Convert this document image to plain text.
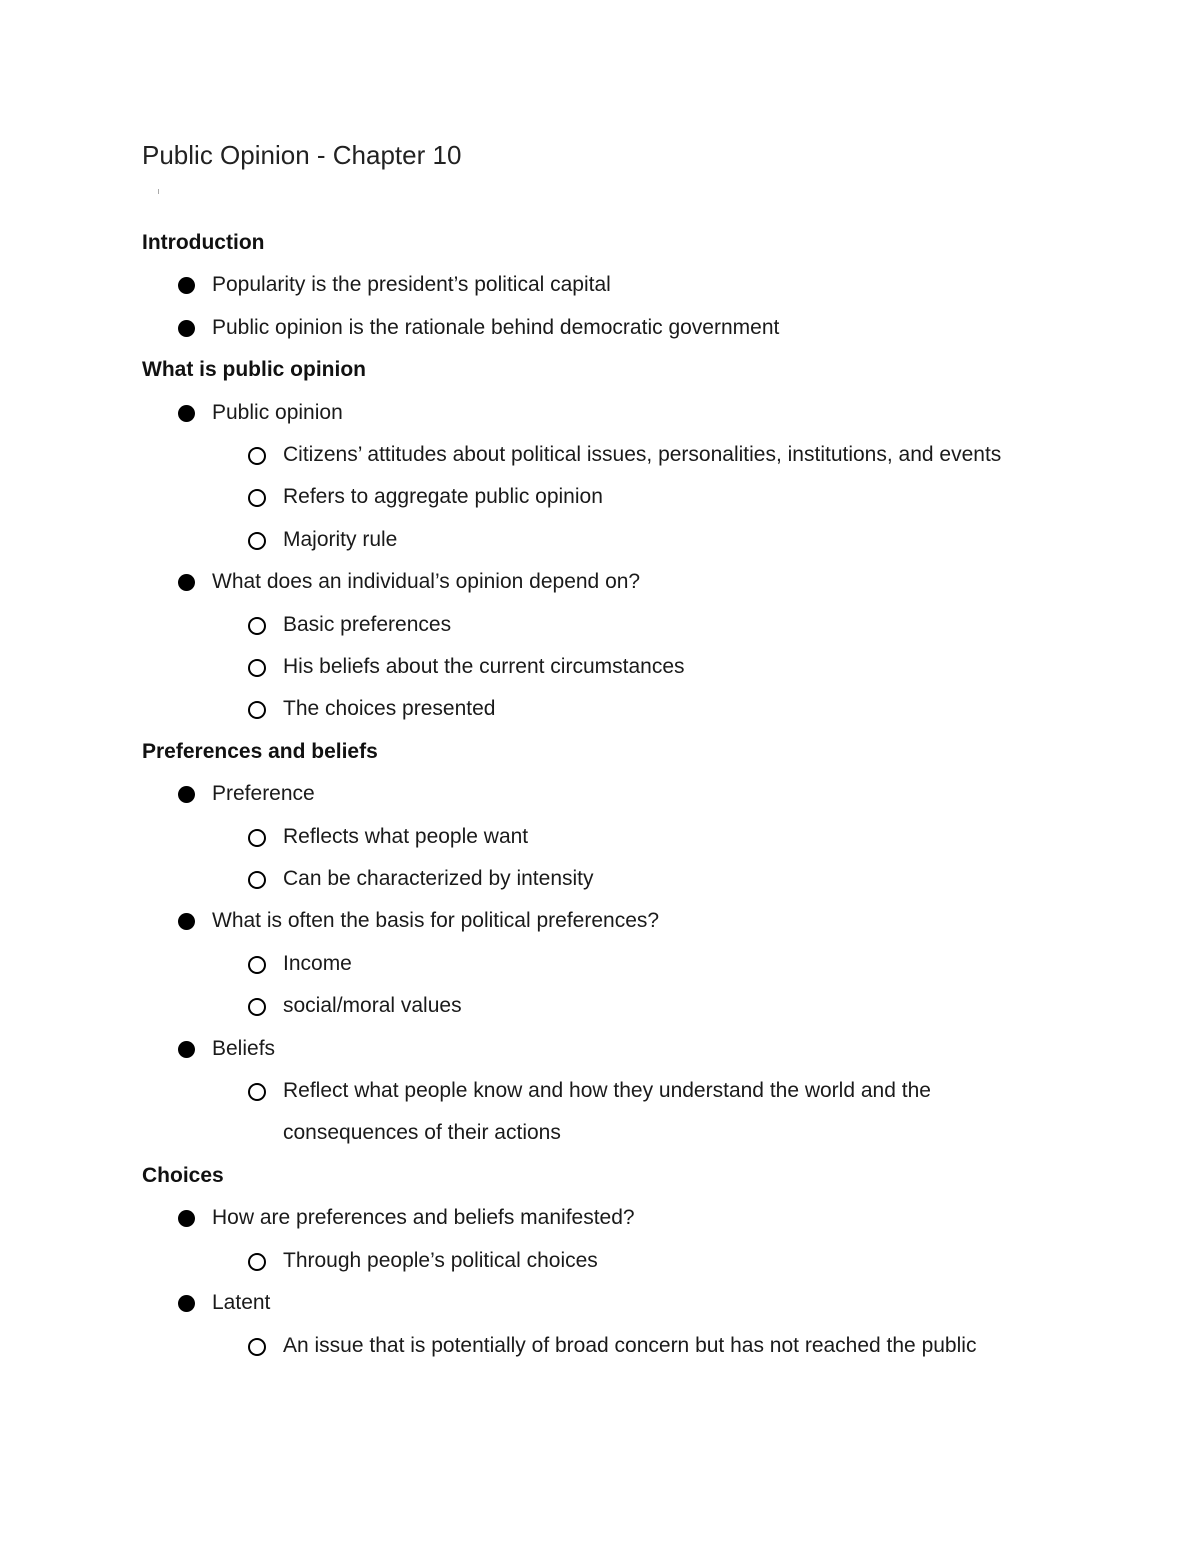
Public Opinion - Chapter 10
Introduction
Popularity is the president’s political capital
Public opinion is the rationale behind democratic government
What is public opinion
Public opinion
Citizens’ attitudes about political issues, personalities, institutions, and events
Refers to aggregate public opinion
Majority rule
What does an individual’s opinion depend on?
Basic preferences
His beliefs about the current circumstances
The choices presented
Preferences and beliefs
Preference
Reflects what people want
Can be characterized by intensity
What is often the basis for political preferences?
Income
social/moral values
Beliefs
Reflect what people know and how they understand the world and the consequences of their actions
Choices
How are preferences and beliefs manifested?
Through people’s political choices
Latent
An issue that is potentially of broad concern but has not reached the public
